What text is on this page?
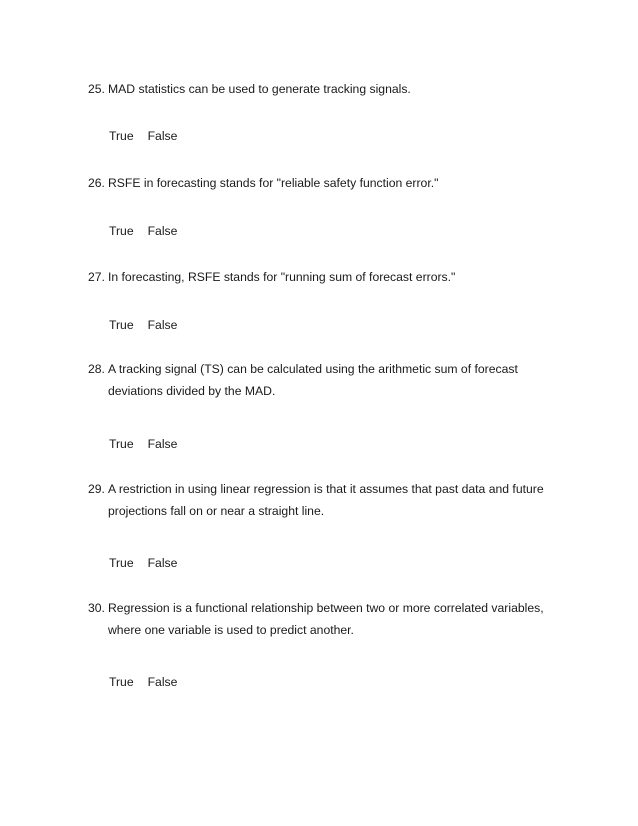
25. MAD statistics can be used to generate tracking signals.
True False
26. RSFE in forecasting stands for "reliable safety function error."
True False
27. In forecasting, RSFE stands for "running sum of forecast errors."
True False
28. A tracking signal (TS) can be calculated using the arithmetic sum of forecast deviations divided by the MAD.
True False
29. A restriction in using linear regression is that it assumes that past data and future projections fall on or near a straight line.
True False
30. Regression is a functional relationship between two or more correlated variables, where one variable is used to predict another.
True False
